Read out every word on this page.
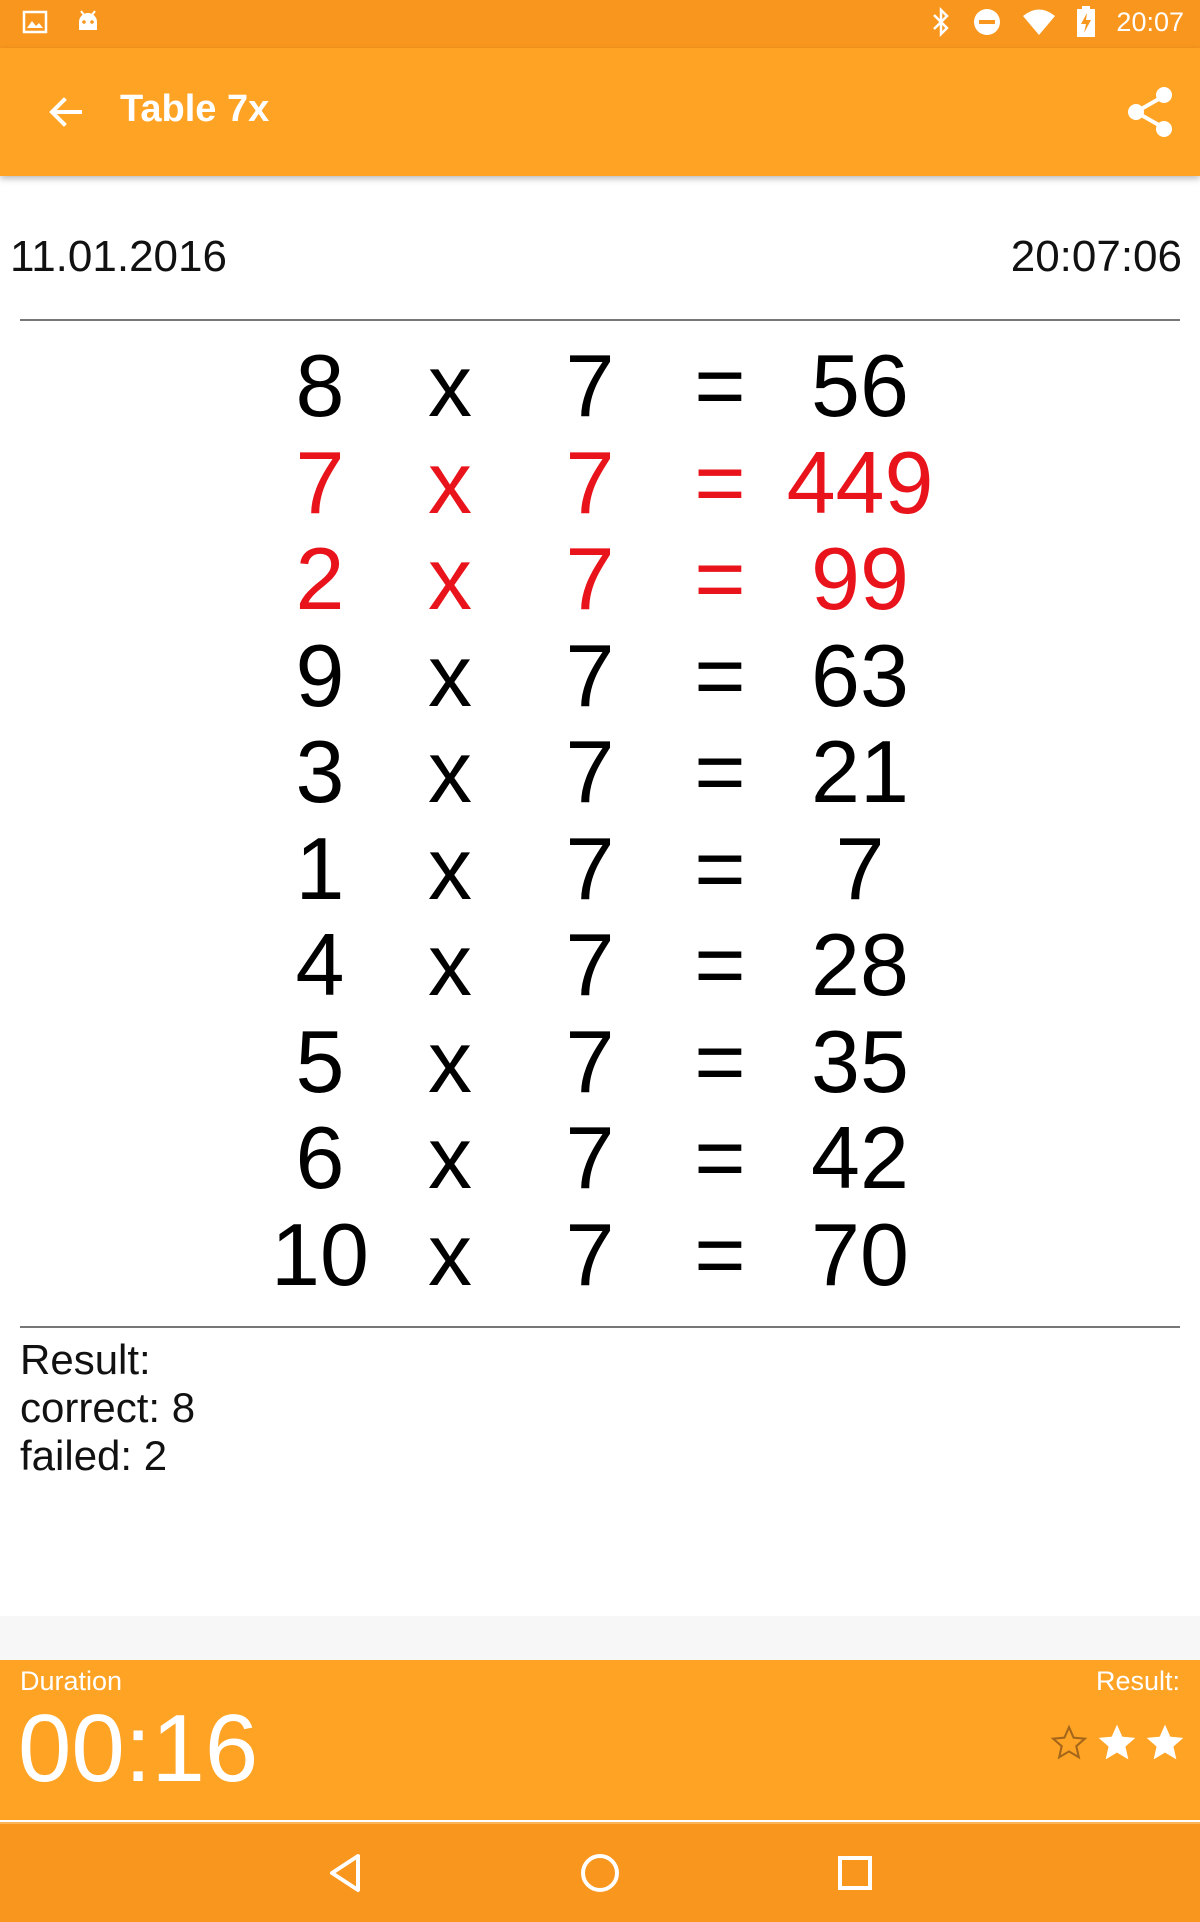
20:07
Table 7x
11.01.2016	20:07:06
8 x	7 = 56
7 x	7 = 449
2 x	7 = 99
9 x	7 = 63
3 x	7 = 21
1 x	7 =	7
4 x	7 = 28
5 x	7 = 35
6 x	7 = 42
10 x	7 = 70
Result:
correct: 8
failed: 2
Duration
00:16
Result:
